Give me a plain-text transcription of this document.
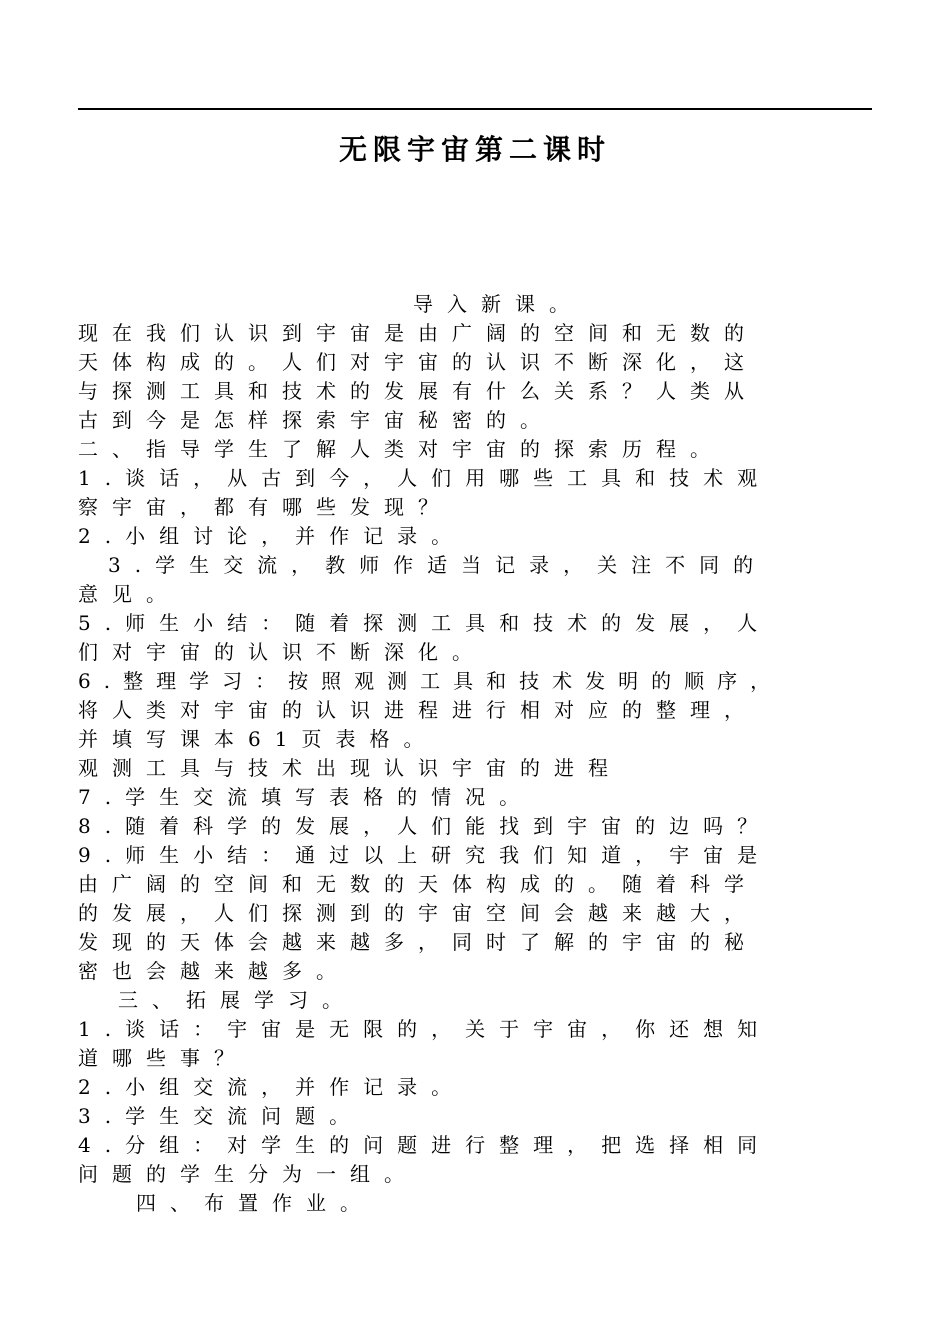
无限宇宙第二课时
导入新课。
现在我们认识到宇宙是由广阔的空间和无数的
天体构成的。人们对宇宙的认识不断深化，这
与探测工具和技术的发展有什么关系？人类从
古到今是怎样探索宇宙秘密的。
二、指导学生了解人类对宇宙的探索历程。
1.谈话，从古到今，人们用哪些工具和技术观
察宇宙，都有哪些发现？
2.小组讨论，并作记录。
3.学生交流，教师作适当记录，关注不同的
意见。
5.师生小结：随着探测工具和技术的发展，人
们对宇宙的认识不断深化。
6.整理学习：按照观测工具和技术发明的顺序，
将人类对宇宙的认识进程进行相对应的整理，
并填写课本61页表格。
观测工具与技术出现认识宇宙的进程
7.学生交流填写表格的情况。
8.随着科学的发展，人们能找到宇宙的边吗？
9.师生小结：通过以上研究我们知道，宇宙是
由广阔的空间和无数的天体构成的。随着科学
的发展，人们探测到的宇宙空间会越来越大，
发现的天体会越来越多，同时了解的宇宙的秘
密也会越来越多。
三、拓展学习。
1.谈话：宇宙是无限的，关于宇宙，你还想知
道哪些事？
2.小组交流，并作记录。
3.学生交流问题。
4.分组：对学生的问题进行整理，把选择相同
问题的学生分为一组。
四、布置作业。
